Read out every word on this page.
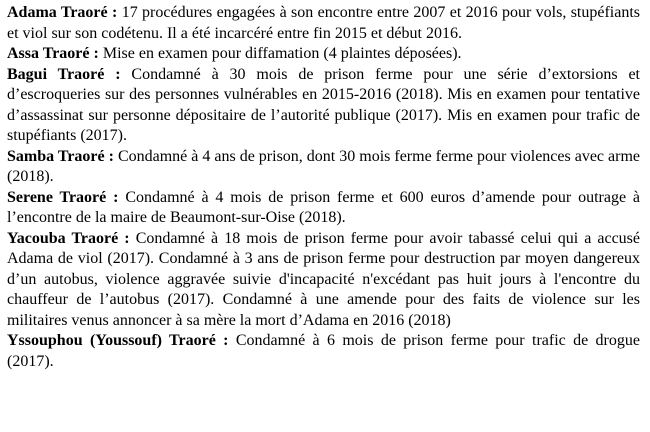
Adama Traoré : 17 procédures engagées à son encontre entre 2007 et 2016 pour vols, stupéfiants et viol sur son codétenu. Il a été incarcéré entre fin 2015 et début 2016.

Assa Traoré : Mise en examen pour diffamation (4 plaintes déposées).

Bagui Traoré : Condamné à 30 mois de prison ferme pour une série d’extorsions et d’escroqueries sur des personnes vulnérables en 2015-2016 (2018). Mis en examen pour tentative d’assassinat sur personne dépositaire de l’autorité publique (2017). Mis en examen pour trafic de stupéfiants (2017).

Samba Traoré : Condamné à 4 ans de prison, dont 30 mois ferme ferme pour violences avec arme (2018).

Serene Traoré : Condamné à 4 mois de prison ferme et 600 euros d’amende pour outrage à l’encontre de la maire de Beaumont-sur-Oise (2018).

Yacouba Traoré : Condamné à 18 mois de prison ferme pour avoir tabassé celui qui a accusé Adama de viol (2017). Condamné à 3 ans de prison ferme pour destruction par moyen dangereux d’un autobus, violence aggravée suivie d'incapacité n'excédant pas huit jours à l'encontre du chauffeur de l’autobus (2017). Condamné à une amende pour des faits de violence sur les militaires venus annoncer à sa mère la mort d’Adama en 2016 (2018)

Yssouphou (Youssouf) Traoré : Condamné à 6 mois de prison ferme pour trafic de drogue (2017).
